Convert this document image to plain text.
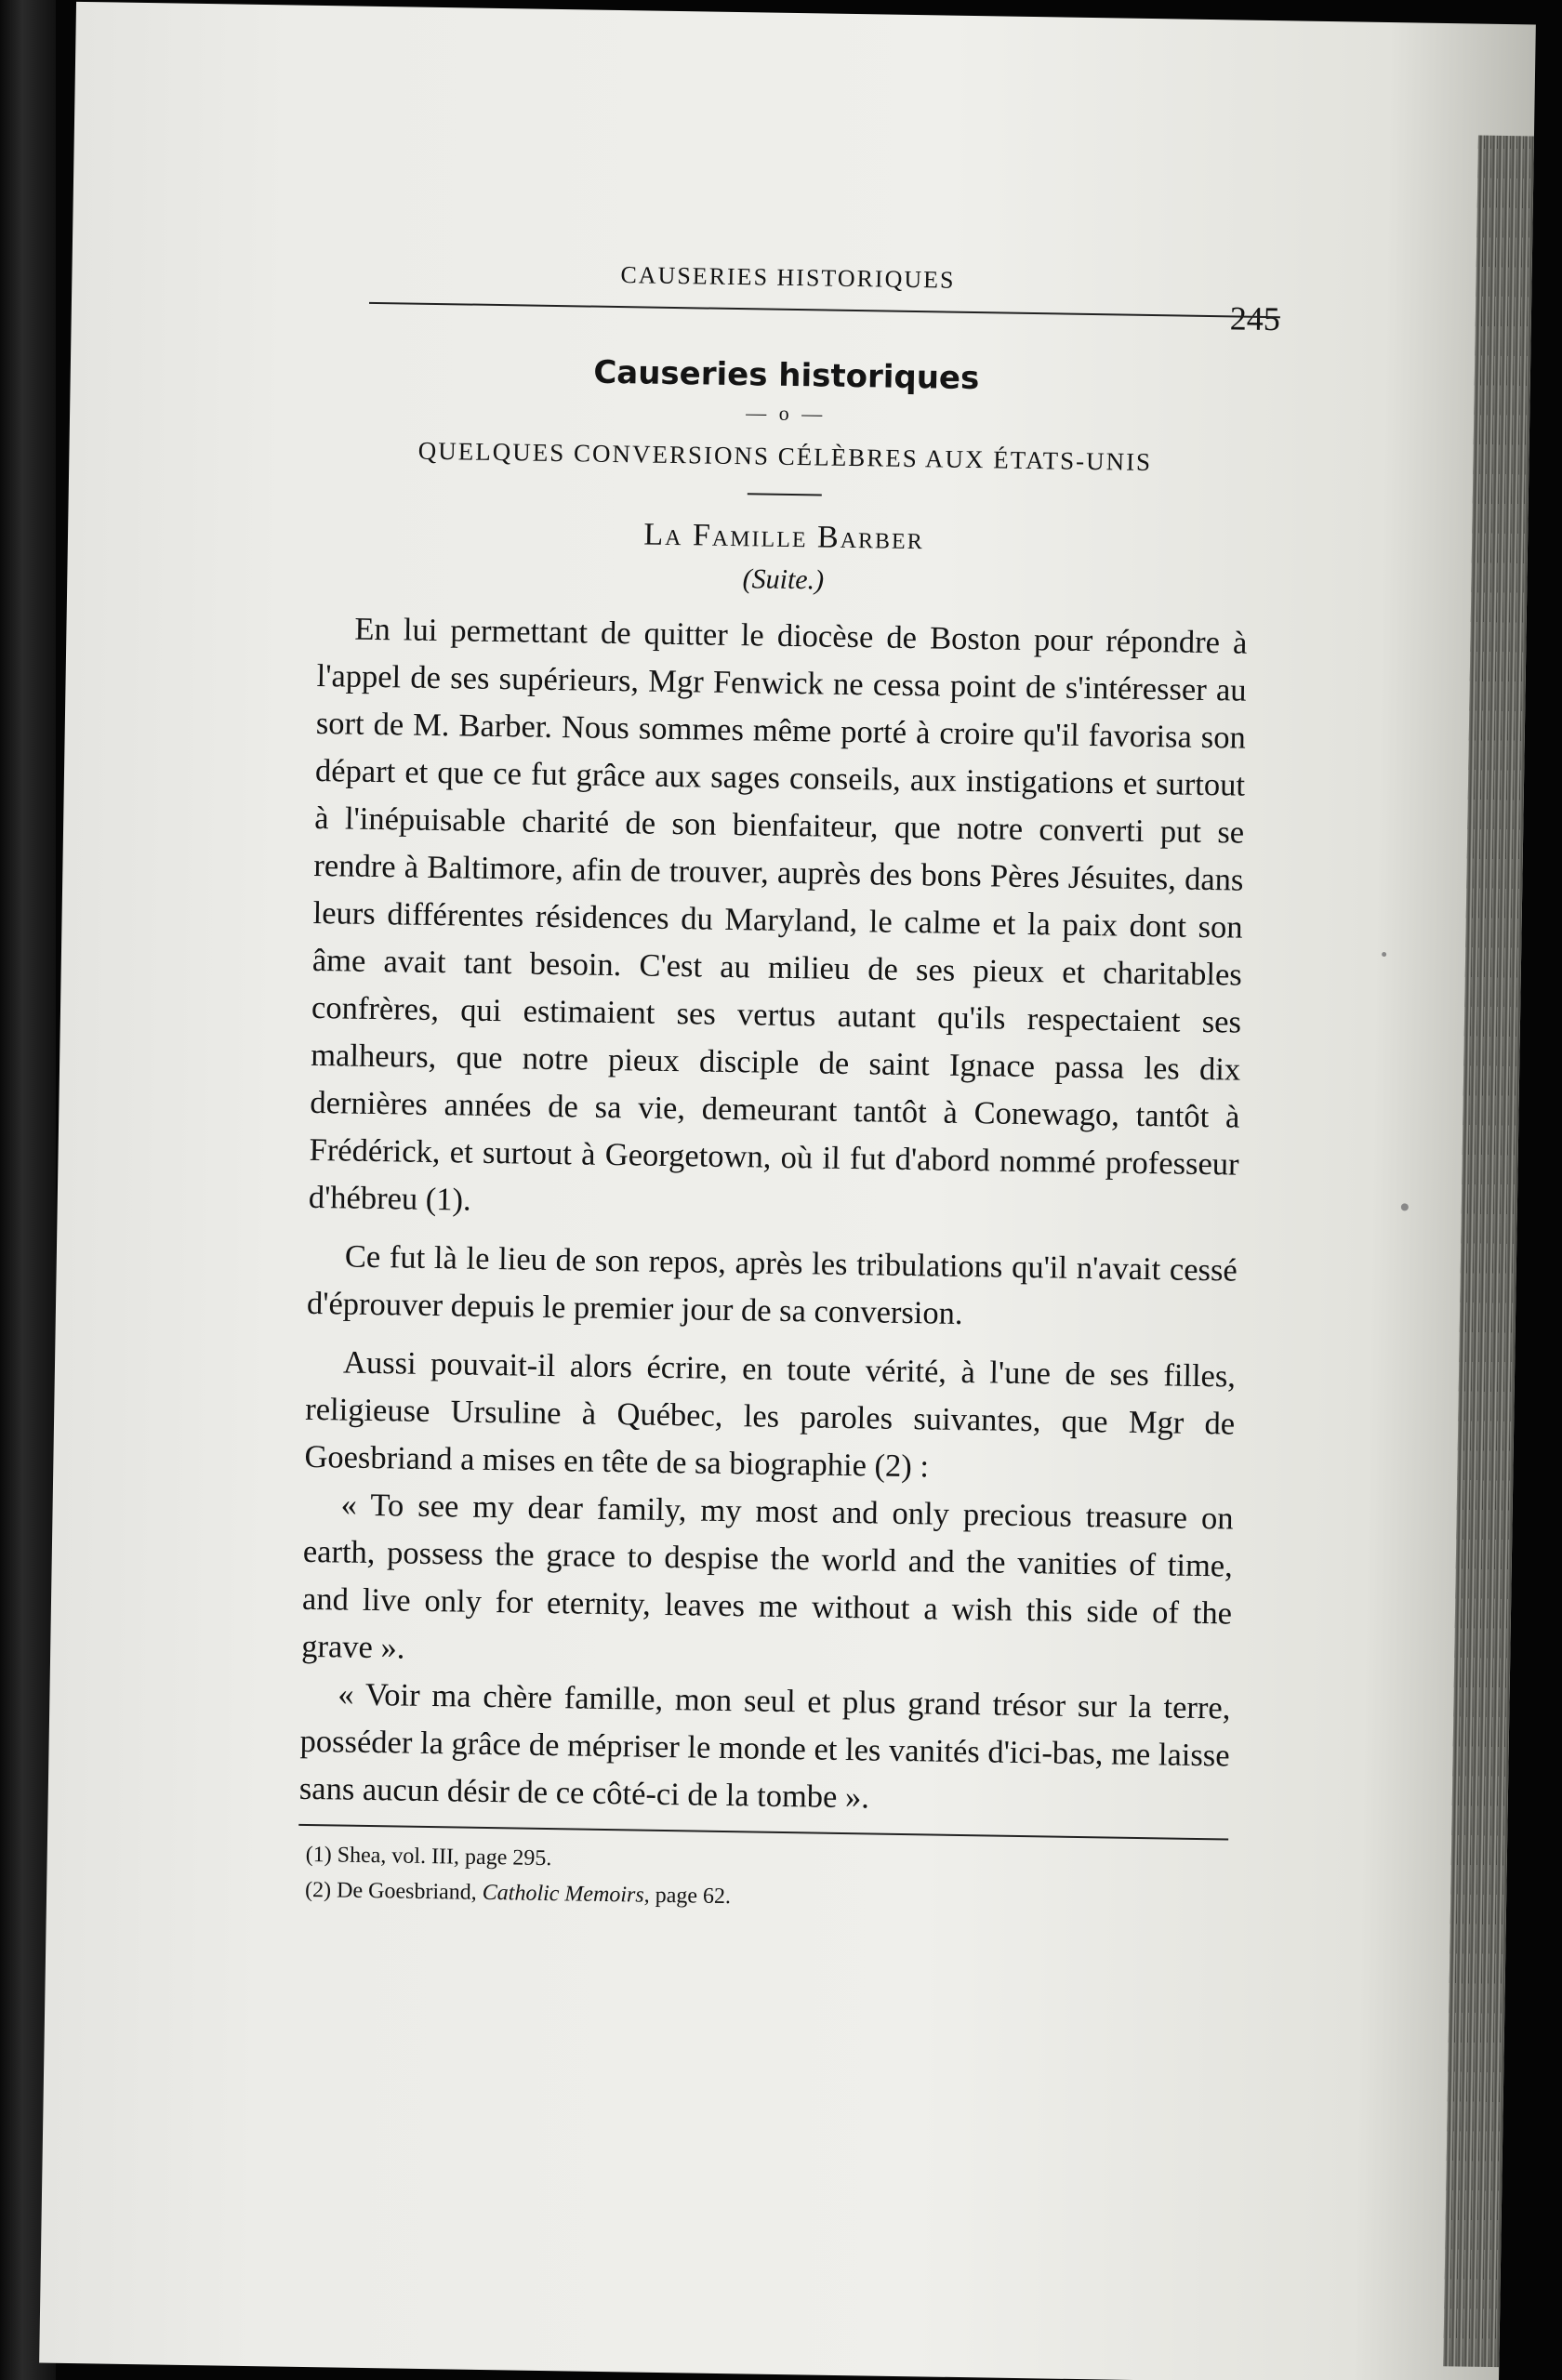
CAUSERIES HISTORIQUES
245
Causeries historiques
— o —
QUELQUES CONVERSIONS CÉLÈBRES AUX ÉTATS-UNIS
La Famille Barber
(Suite.)

En lui permettant de quitter le diocèse de Boston pour répondre à l'appel de ses supérieurs, Mgr Fenwick ne cessa point de s'intéresser au sort de M. Barber. Nous sommes même porté à croire qu'il favorisa son départ et que ce fut grâce aux sages conseils, aux instigations et surtout à l'inépuisable charité de son bienfaiteur, que notre converti put se rendre à Baltimore, afin de trouver, auprès des bons Pères Jésuites, dans leurs différentes résidences du Maryland, le calme et la paix dont son âme avait tant besoin. C'est au milieu de ses pieux et charitables confrères, qui estimaient ses vertus autant qu'ils respectaient ses malheurs, que notre pieux disciple de saint Ignace passa les dix dernières années de sa vie, demeurant tantôt à Conewago, tantôt à Frédérick, et surtout à Georgetown, où il fut d'abord nommé professeur d'hébreu (1).

Ce fut là le lieu de son repos, après les tribulations qu'il n'avait cessé d'éprouver depuis le premier jour de sa conversion.

Aussi pouvait-il alors écrire, en toute vérité, à l'une de ses filles, religieuse Ursuline à Québec, les paroles suivantes, que Mgr de Goesbriand a mises en tête de sa biographie (2) :

« To see my dear family, my most and only precious treasure on earth, possess the grace to despise the world and the vanities of time, and live only for eternity, leaves me without a wish this side of the grave ».

« Voir ma chère famille, mon seul et plus grand trésor sur la terre, posséder la grâce de mépriser le monde et les vanités d'ici-bas, me laisse sans aucun désir de ce côté-ci de la tombe ».

(1) Shea, vol. III, page 295.
(2) De Goesbriand, Catholic Memoirs, page 62.
